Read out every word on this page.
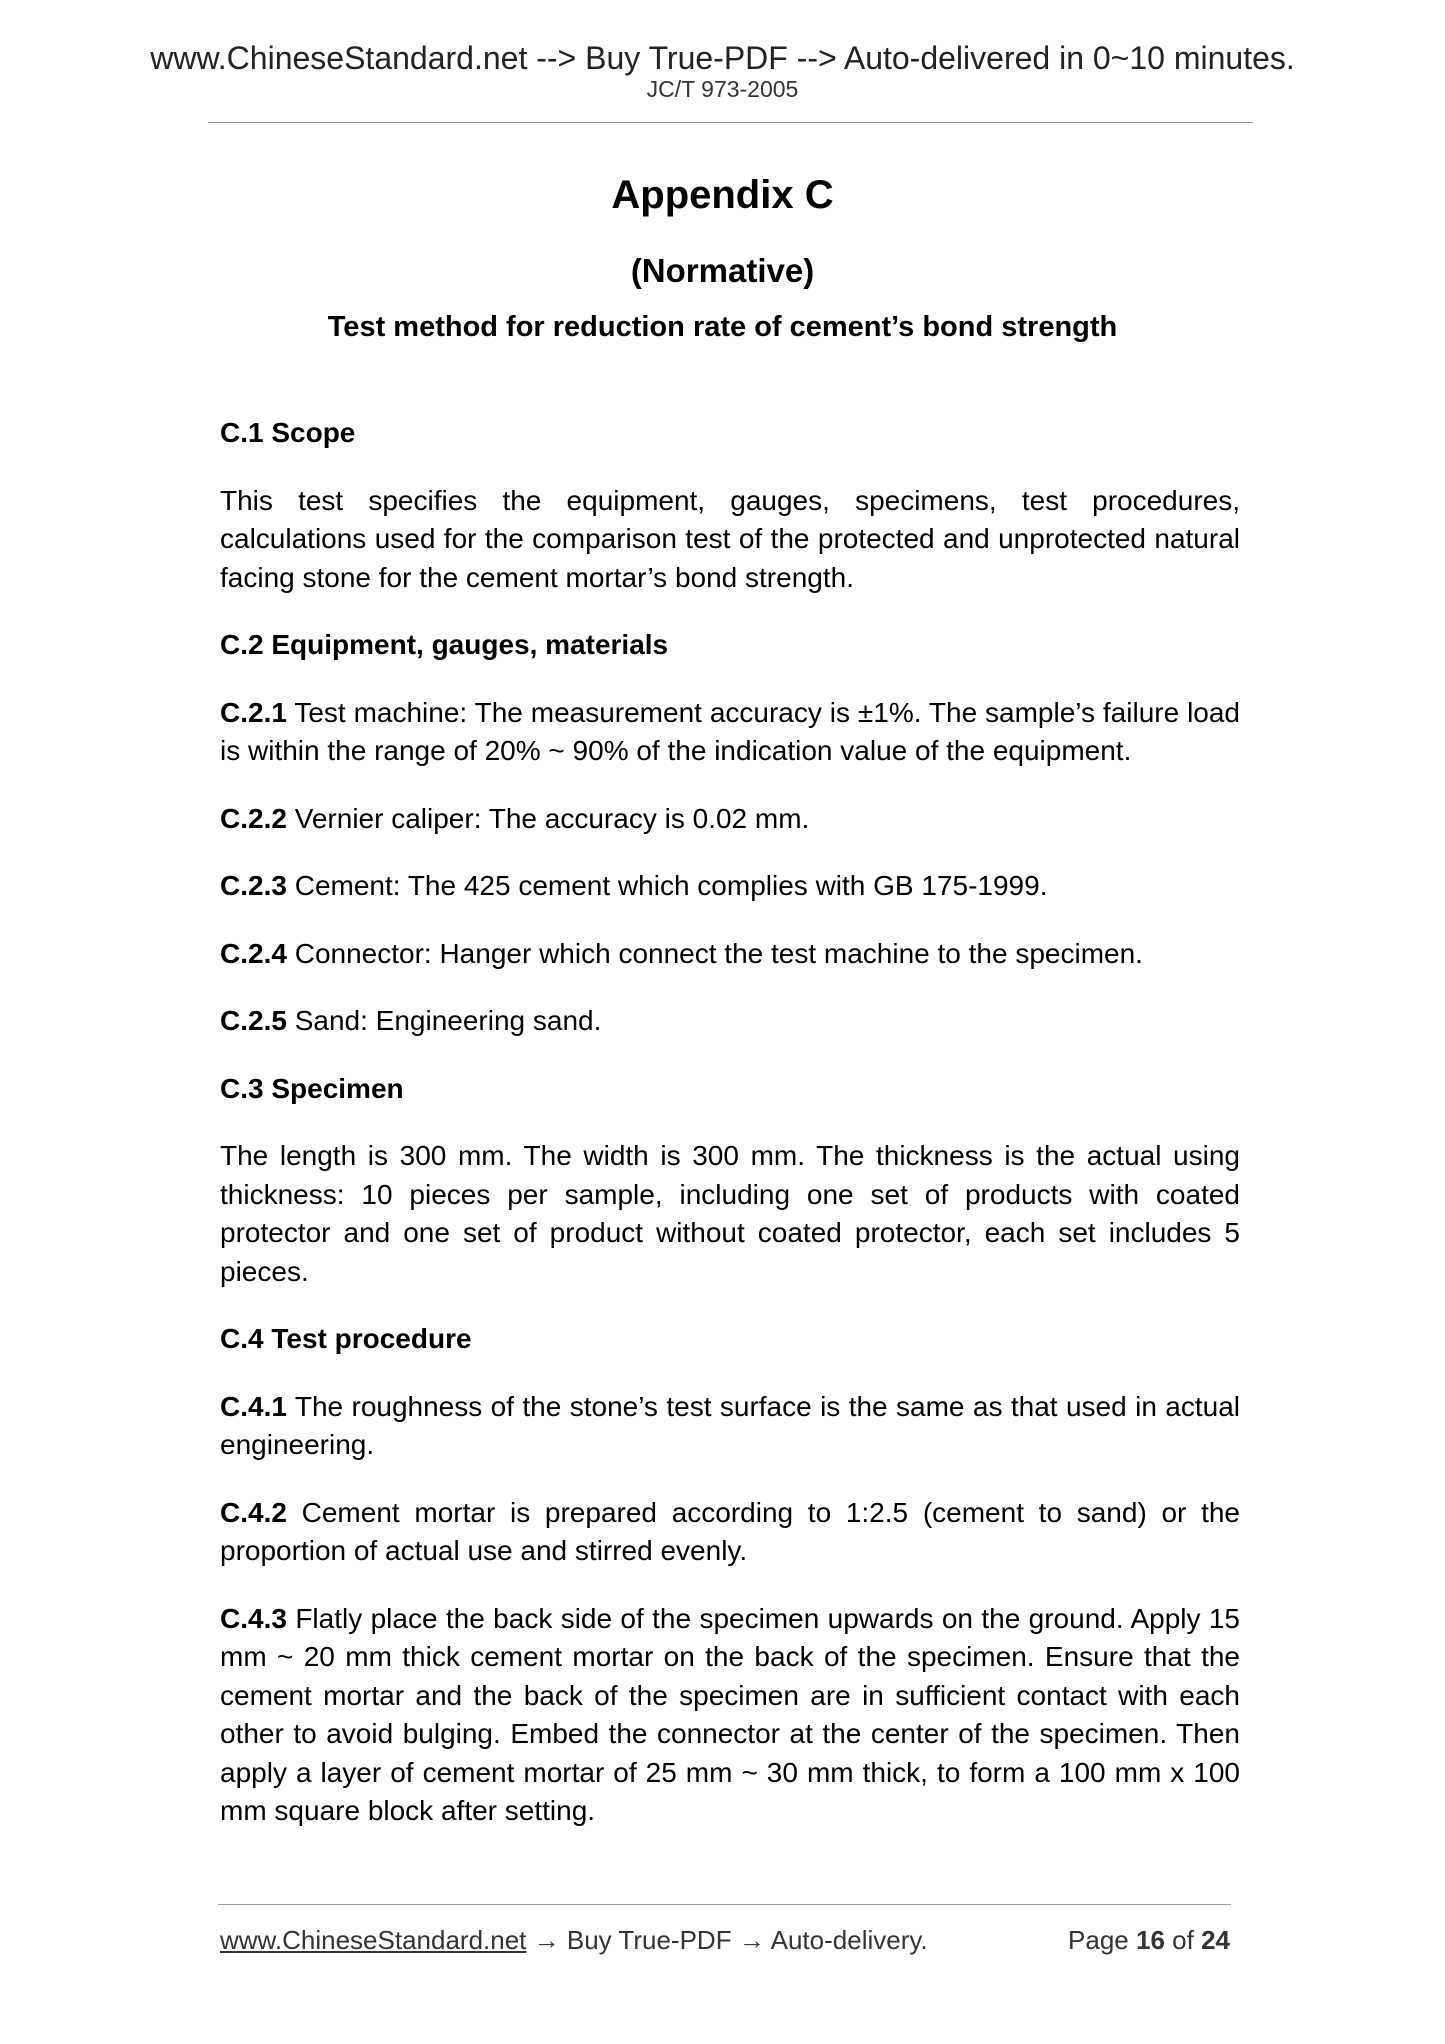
www.ChineseStandard.net --> Buy True-PDF --> Auto-delivered in 0~10 minutes.
JC/T 973-2005
Appendix C
(Normative)
Test method for reduction rate of cement’s bond strength
C.1 Scope

This test specifies the equipment, gauges, specimens, test procedures, calculations used for the comparison test of the protected and unprotected natural facing stone for the cement mortar’s bond strength.

C.2 Equipment, gauges, materials

C.2.1 Test machine: The measurement accuracy is ±1%. The sample’s failure load is within the range of 20% ~ 90% of the indication value of the equipment.

C.2.2 Vernier caliper: The accuracy is 0.02 mm.

C.2.3 Cement: The 425 cement which complies with GB 175-1999.

C.2.4 Connector: Hanger which connect the test machine to the specimen.

C.2.5 Sand: Engineering sand.

C.3 Specimen

The length is 300 mm. The width is 300 mm. The thickness is the actual using thickness: 10 pieces per sample, including one set of products with coated protector and one set of product without coated protector, each set includes 5 pieces.

C.4 Test procedure

C.4.1 The roughness of the stone’s test surface is the same as that used in actual engineering.

C.4.2 Cement mortar is prepared according to 1:2.5 (cement to sand) or the proportion of actual use and stirred evenly.

C.4.3 Flatly place the back side of the specimen upwards on the ground. Apply 15 mm ~ 20 mm thick cement mortar on the back of the specimen. Ensure that the cement mortar and the back of the specimen are in sufficient contact with each other to avoid bulging. Embed the connector at the center of the specimen. Then apply a layer of cement mortar of 25 mm ~ 30 mm thick, to form a 100 mm x 100 mm square block after setting.

www.ChineseStandard.net → Buy True-PDF → Auto-delivery.	Page 16 of 24
